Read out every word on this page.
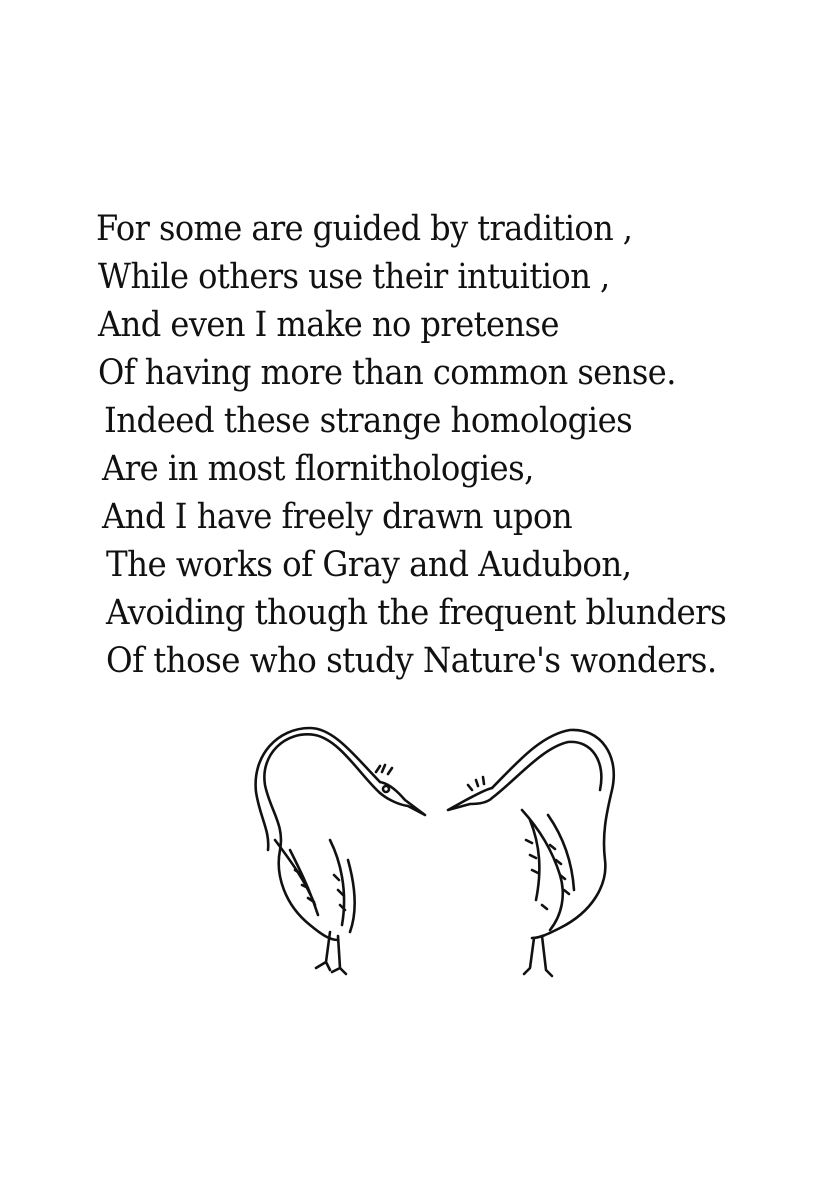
For some are guided by tradition ,
While others use their intuition ,
And even I make no pretense
Of having more than common sense.
Indeed these strange homologies
Are in most flornithologies,
And I have freely drawn upon
The works of Gray and Audubon,
Avoiding though the frequent blunders
Of those who study Nature's wonders.
